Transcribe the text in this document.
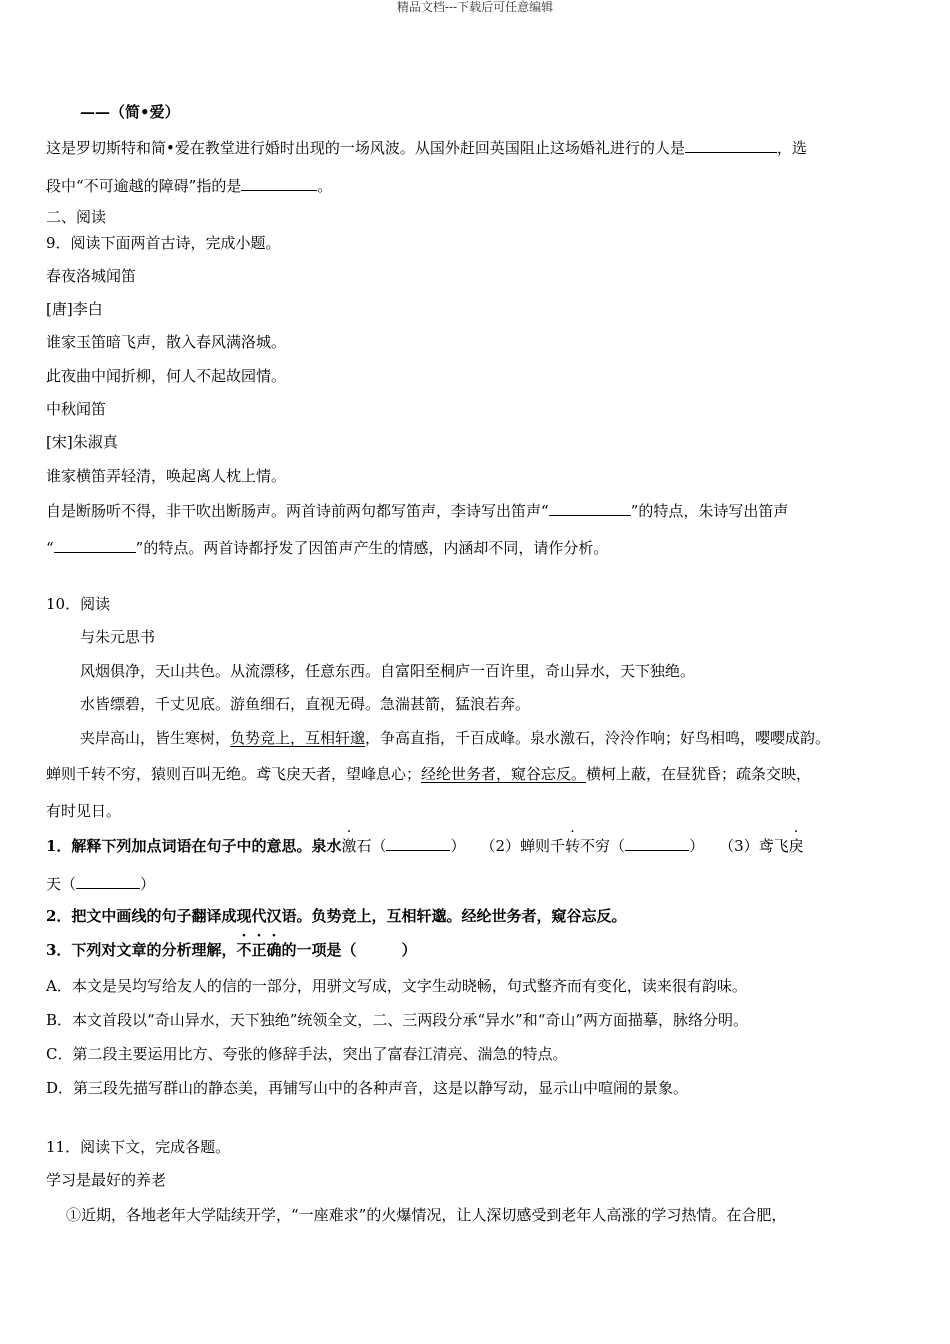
精品文档---下载后可任意编辑
——（简•爱）
这是罗切斯特和简•爱在教堂进行婚时出现的一场风波。从国外赶回英国阻止这场婚礼进行的人是	，选
段中“不可逾越的障碍”指的是	。
二、阅读
9．阅读下面两首古诗，完成小题。
春夜洛城闻笛
[唐]李白
谁家玉笛暗飞声，散入春风满洛城。
此夜曲中闻折柳，何人不起故园情。
中秋闻笛
[宋]朱淑真
谁家横笛弄轻清，唤起离人枕上情。
自是断肠听不得，非干吹出断肠声。两首诗前两句都写笛声，李诗写出笛声“	”的特点，朱诗写出笛声
“	”的特点。两首诗都抒发了因笛声产生的情感，内涵却不同，请作分析。
10．阅读
与朱元思书
风烟俱净，天山共色。从流漂移，任意东西。自富阳至桐庐一百许里，奇山异水，天下独绝。
水皆缥碧，千丈见底。游鱼细石，直视无碍。急湍甚箭，猛浪若奔。
夹岸高山，皆生寒树，负势竞上，互相轩邈，争高直指，千百成峰。泉水激石，泠泠作响；好鸟相鸣，嘤嘤成韵。
蝉则千转不穷，猿则百叫无绝。鸢飞戾天者，望峰息心；经纶世务者，窥谷忘反。横柯上蔽，在昼犹昏；疏条交映，
有时见日。
1．解释下列加点词语在句子中的意思。泉水激石（	）　　（2）蝉则千转不穷（	）　　（3）鸢飞戾
天（	）
2．把文中画线的句子翻译成现代汉语。负势竞上，互相轩邈。经纶世务者，窥谷忘反。
3．下列对文章的分析理解，不正确的一项是（　　　）
A．本文是吴均写给友人的信的一部分，用骈文写成，文字生动晓畅，句式整齐而有变化，读来很有韵味。
B．本文首段以“奇山异水，天下独绝”统领全文，二、三两段分承“异水”和“奇山”两方面描摹，脉络分明。
C．第二段主要运用比方、夸张的修辞手法，突出了富春江清亮、湍急的特点。
D．第三段先描写群山的静态美，再铺写山中的各种声音，这是以静写动，显示山中喧闹的景象。
11．阅读下文，完成各题。
学习是最好的养老
①近期，各地老年大学陆续开学，“一座难求”的火爆情况，让人深切感受到老年人高涨的学习热情。在合肥，
